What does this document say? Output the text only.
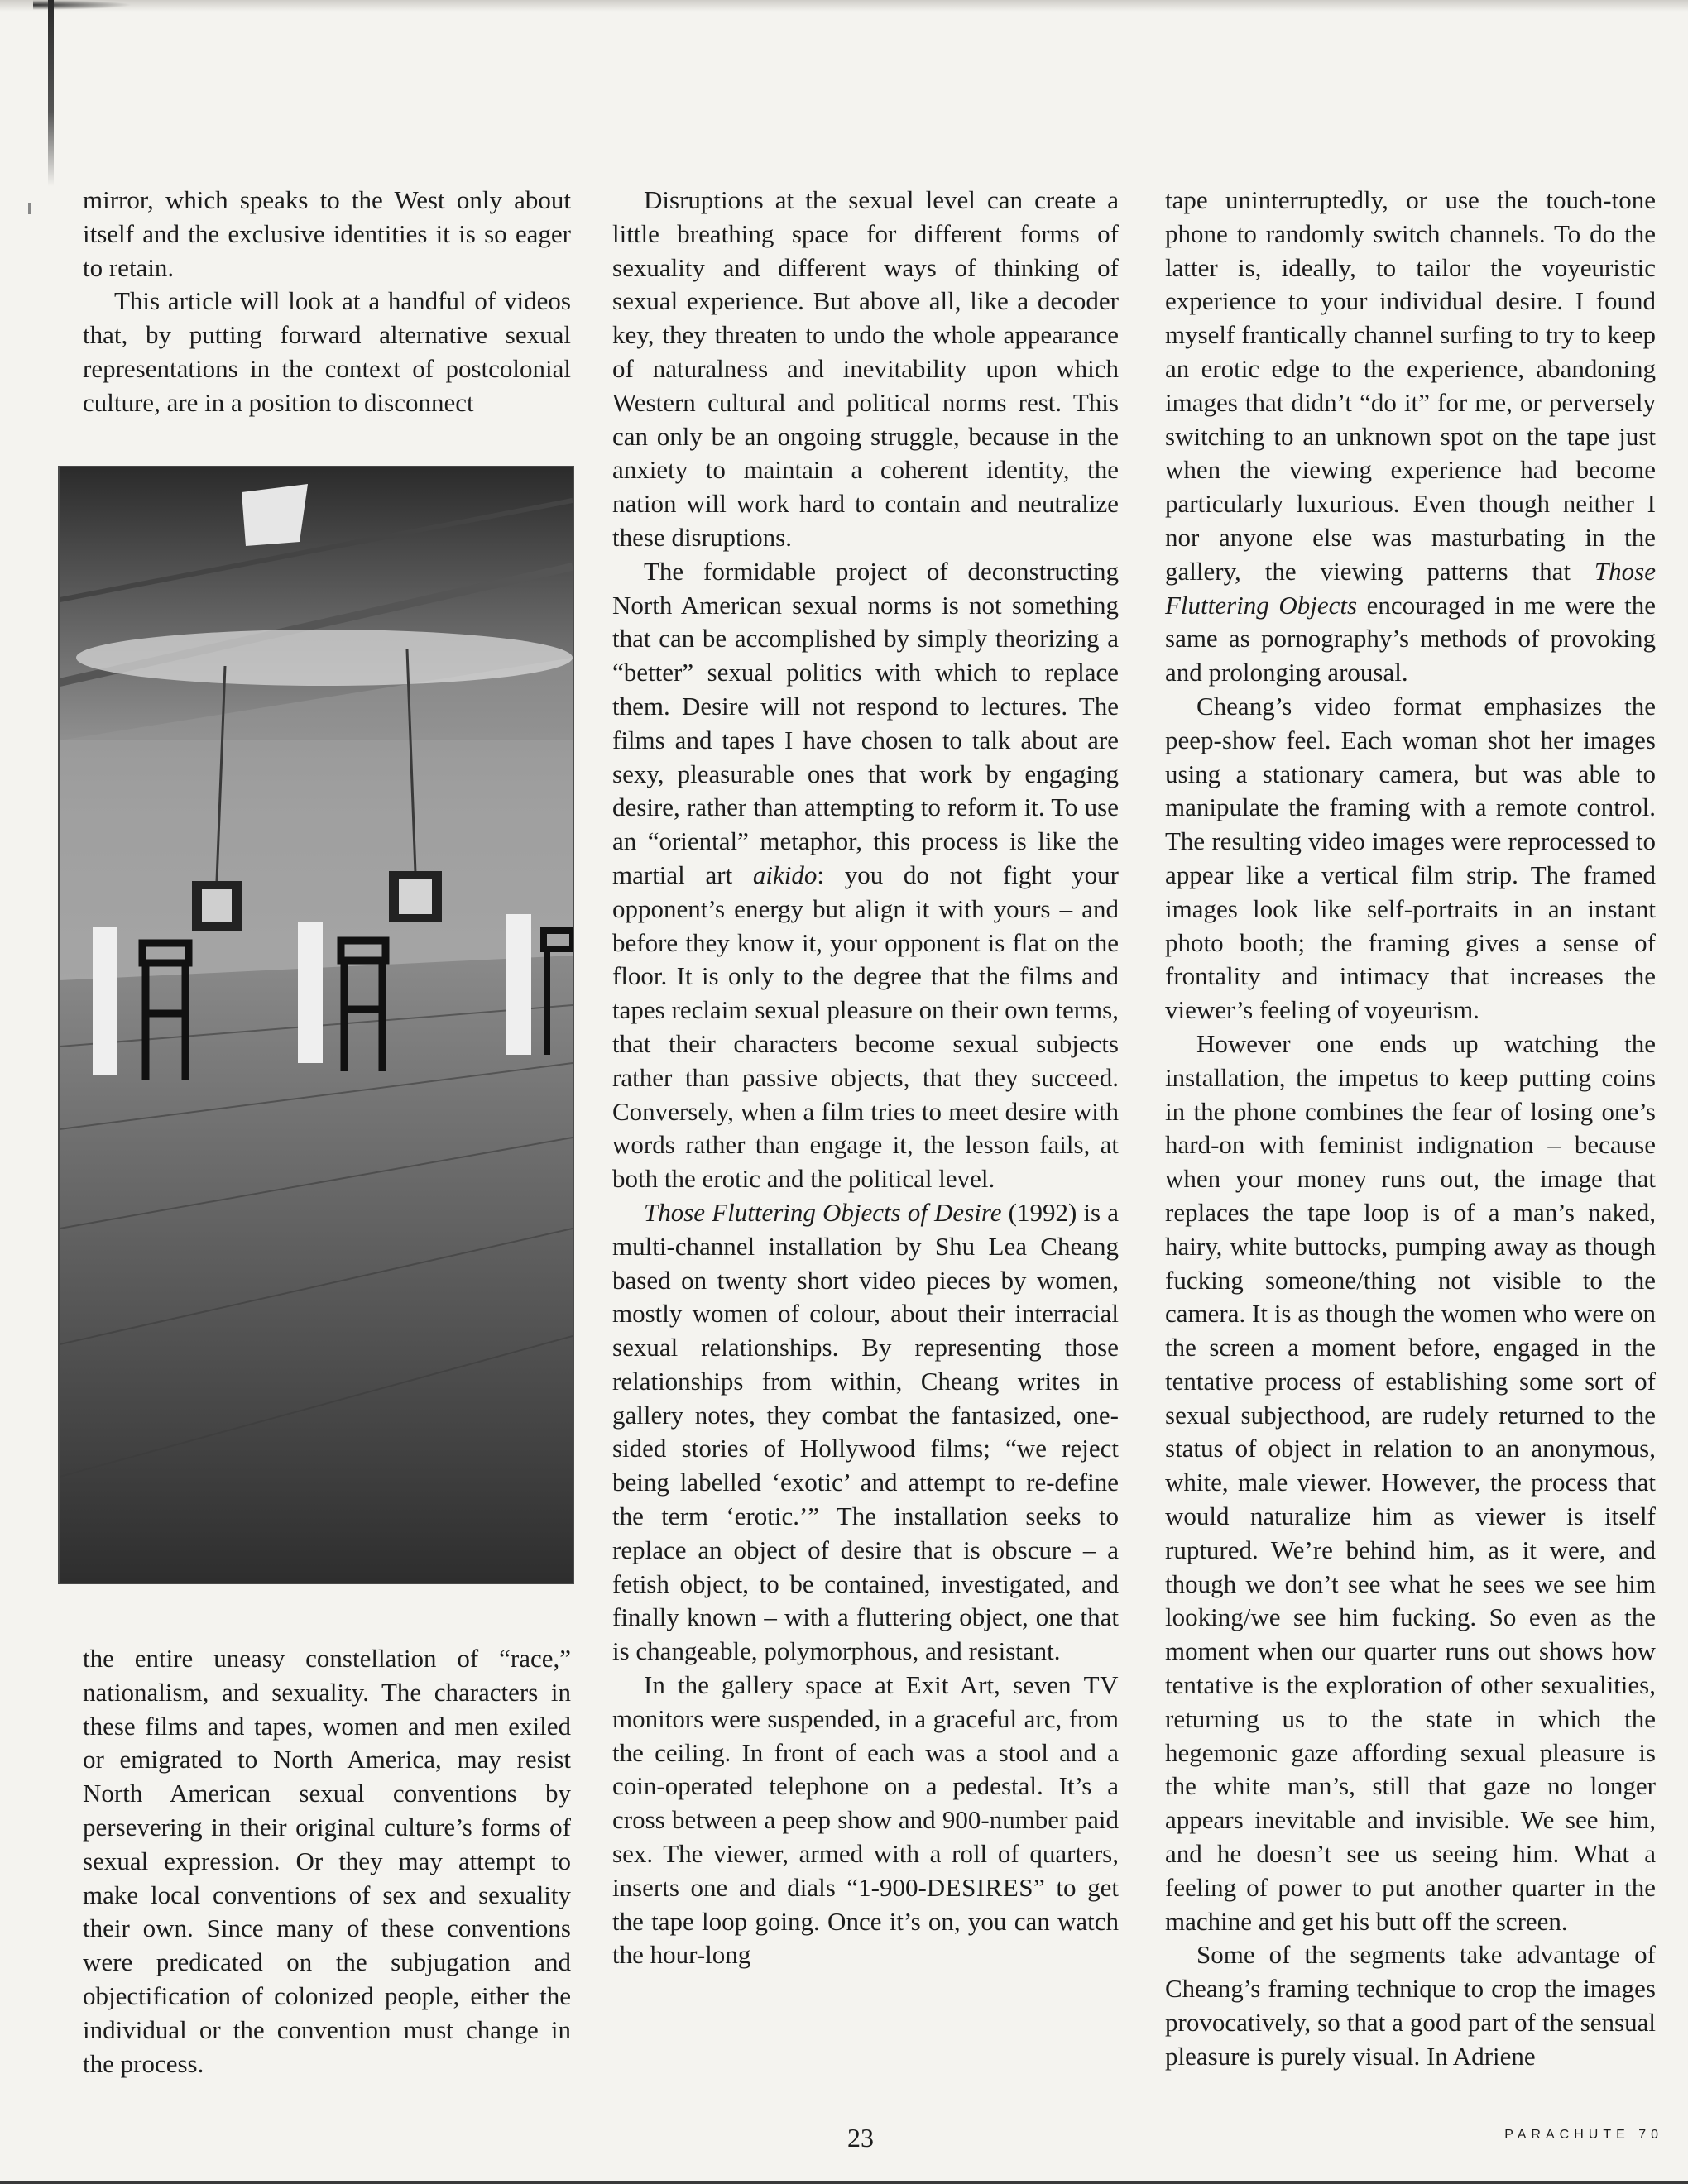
mirror, which speaks to the West only about itself and the exclusive identities it is so eager to retain.

This article will look at a handful of videos that, by putting forward alternative sexual representations in the context of postcolonial culture, are in a position to disconnect

the entire uneasy constellation of “race,” nationalism, and sexuality. The characters in these films and tapes, women and men exiled or emigrated to North America, may resist North American sexual conventions by persevering in their original culture’s forms of sexual expression. Or they may attempt to make local conventions of sex and sexuality their own. Since many of these conventions were predicated on the subjugation and objectification of colonized people, either the individual or the convention must change in the process.

Disruptions at the sexual level can create a little breathing space for different forms of sexuality and different ways of thinking of sexual experience. But above all, like a decoder key, they threaten to undo the whole appearance of naturalness and inevitability upon which Western cultural and political norms rest. This can only be an ongoing struggle, because in the anxiety to maintain a coherent identity, the nation will work hard to contain and neutralize these disruptions.

The formidable project of deconstructing North American sexual norms is not something that can be accomplished by simply theorizing a “better” sexual politics with which to replace them. Desire will not respond to lectures. The films and tapes I have chosen to talk about are sexy, pleasurable ones that work by engaging desire, rather than attempting to reform it. To use an “oriental” metaphor, this process is like the martial art aikido: you do not fight your opponent’s energy but align it with yours – and before they know it, your opponent is flat on the floor. It is only to the degree that the films and tapes reclaim sexual pleasure on their own terms, that their characters become sexual subjects rather than passive objects, that they succeed. Conversely, when a film tries to meet desire with words rather than engage it, the lesson fails, at both the erotic and the political level.

Those Fluttering Objects of Desire (1992) is a multi-channel installation by Shu Lea Cheang based on twenty short video pieces by women, mostly women of colour, about their interracial sexual relationships. By representing those relationships from within, Cheang writes in gallery notes, they combat the fantasized, one-sided stories of Hollywood films; “we reject being labelled ‘exotic’ and attempt to re-define the term ‘erotic.’” The installation seeks to replace an object of desire that is obscure – a fetish object, to be contained, investigated, and finally known – with a fluttering object, one that is changeable, polymorphous, and resistant.

In the gallery space at Exit Art, seven TV monitors were suspended, in a graceful arc, from the ceiling. In front of each was a stool and a coin-operated telephone on a pedestal. It’s a cross between a peep show and 900-number paid sex. The viewer, armed with a roll of quarters, inserts one and dials “1-900-DESIRES” to get the tape loop going. Once it’s on, you can watch the hour-long

tape uninterruptedly, or use the touch-tone phone to randomly switch channels. To do the latter is, ideally, to tailor the voyeuristic experience to your individual desire. I found myself frantically channel surfing to try to keep an erotic edge to the experience, abandoning images that didn’t “do it” for me, or perversely switching to an unknown spot on the tape just when the viewing experience had become particularly luxurious. Even though neither I nor anyone else was masturbating in the gallery, the viewing patterns that Those Fluttering Objects encouraged in me were the same as pornography’s methods of provoking and prolonging arousal.

Cheang’s video format emphasizes the peep-show feel. Each woman shot her images using a stationary camera, but was able to manipulate the framing with a remote control. The resulting video images were reprocessed to appear like a vertical film strip. The framed images look like self-portraits in an instant photo booth; the framing gives a sense of frontality and intimacy that increases the viewer’s feeling of voyeurism.

However one ends up watching the installation, the impetus to keep putting coins in the phone combines the fear of losing one’s hard-on with feminist indignation – because when your money runs out, the image that replaces the tape loop is of a man’s naked, hairy, white buttocks, pumping away as though fucking someone/thing not visible to the camera. It is as though the women who were on the screen a moment before, engaged in the tentative process of establishing some sort of sexual subjecthood, are rudely returned to the status of object in relation to an anonymous, white, male viewer. However, the process that would naturalize him as viewer is itself ruptured. We’re behind him, as it were, and though we don’t see what he sees we see him looking/we see him fucking. So even as the moment when our quarter runs out shows how tentative is the exploration of other sexualities, returning us to the state in which the hegemonic gaze affording sexual pleasure is the white man’s, still that gaze no longer appears inevitable and invisible. We see him, and he doesn’t see us seeing him. What a feeling of power to put another quarter in the machine and get his butt off the screen.

Some of the segments take advantage of Cheang’s framing technique to crop the images provocatively, so that a good part of the sensual pleasure is purely visual. In Adriene

23	PARACHUTE 70
